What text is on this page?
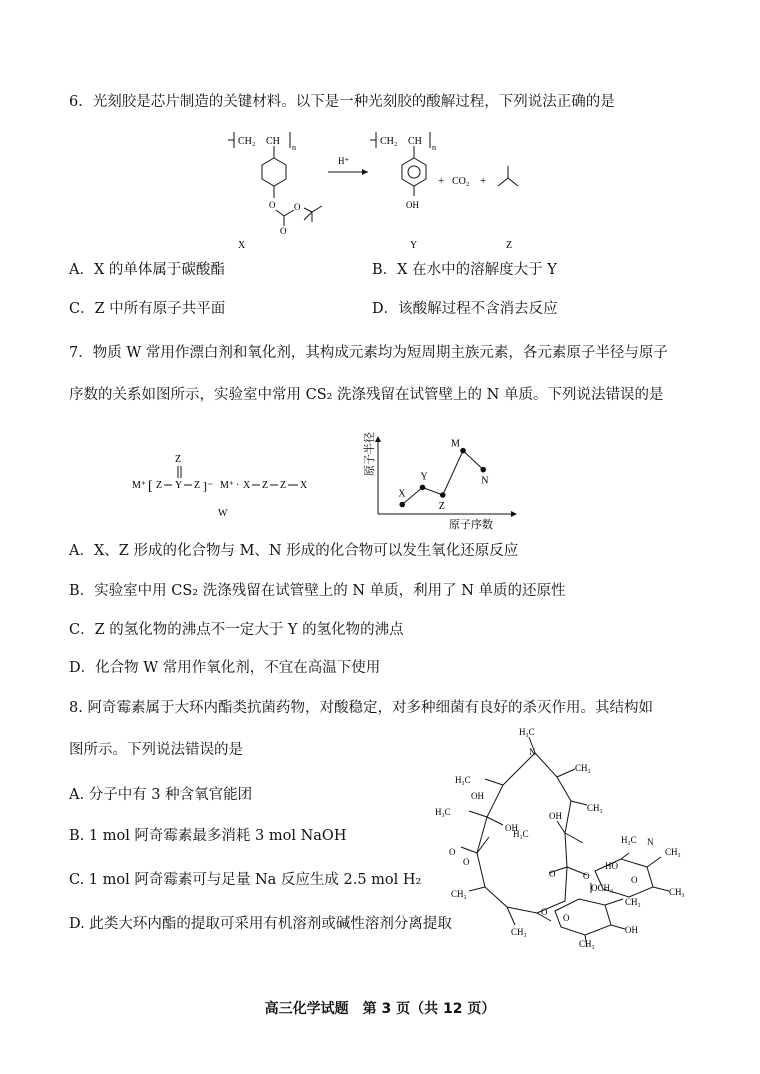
6．光刻胶是芯片制造的关键材料。以下是一种光刻胶的酸解过程，下列说法正确的是
CH₂ CH
n
O O
O
X
H⁺
CH₂ CH
n
OH
Y
+ CO₂ +
Z
A．X 的单体属于碳酸酯	B．X 在水中的溶解度大于 Y
C．Z 中所有原子共平面	D．该酸解过程不含消去反应
7．物质 W 常用作漂白剂和氧化剂，其构成元素均为短周期主族元素，各元素原子半径与原子
序数的关系如图所示，实验室中常用 CS₂ 洗涤残留在试管壁上的 N 单质。下列说法错误的是
M⁺ [ Z Y
Z
Z ]⁻ M⁺ · X Z Z X
W
原子半径
原子序数
X
Y
Z
M
N
A．X、Z 形成的化合物与 M、N 形成的化合物可以发生氧化还原反应
B．实验室中用 CS₂ 洗涤残留在试管壁上的 N 单质，利用了 N 单质的还原性
C．Z 的氢化物的沸点不一定大于 Y 的氢化物的沸点
D．化合物 W 常用作氧化剂，不宜在高温下使用
8. 阿奇霉素属于大环内酯类抗菌药物，对酸稳定，对多种细菌有良好的杀灭作用。其结构如
图所示。下列说法错误的是
A. 分子中有 3 种含氧官能团
B. 1 mol 阿奇霉素最多消耗 3 mol NaOH
C. 1 mol 阿奇霉素可与足量 Na 反应生成 2.5 mol H₂
D. 此类大环内酯的提取可采用有机溶剂或碱性溶剂分离提取
H₃C
N
H₃C
CH₃
OH
OH
H₃C	OH
CH₃
H₃C N
CH₃
HO
CH₃
O
O
O
H₃C
CH₃
O
O
CH₃
OCH₃
CH₃
OH
CH₃
O
O
高三化学试题　第 3 页（共 12 页）
